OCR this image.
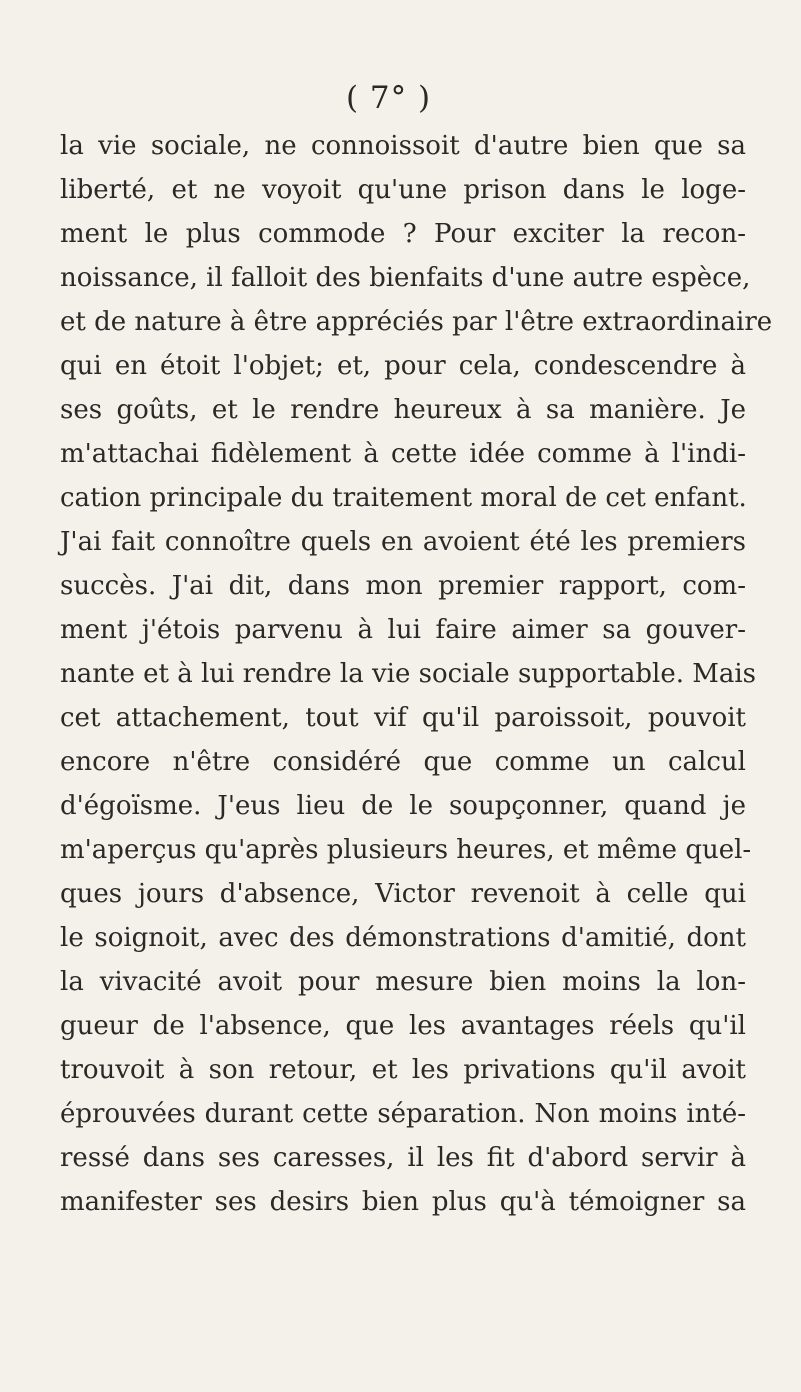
( 7° )
la vie sociale, ne connoissoit d'autre bien que sa
liberté, et ne voyoit qu'une prison dans le loge-
ment le plus commode ? Pour exciter la recon-
noissance, il falloit des bienfaits d'une autre espèce,
et de nature à être appréciés par l'être extraordinaire
qui en étoit l'objet; et, pour cela, condescendre à
ses goûts, et le rendre heureux à sa manière. Je
m'attachai fidèlement à cette idée comme à l'indi-
cation principale du traitement moral de cet enfant.
J'ai fait connoître quels en avoient été les premiers
succès. J'ai dit, dans mon premier rapport, com-
ment j'étois parvenu à lui faire aimer sa gouver-
nante et à lui rendre la vie sociale supportable. Mais
cet attachement, tout vif qu'il paroissoit, pouvoit
encore n'être considéré que comme un calcul
d'égoïsme. J'eus lieu de le soupçonner, quand je
m'aperçus qu'après plusieurs heures, et même quel-
ques jours d'absence, Victor revenoit à celle qui
le soignoit, avec des démonstrations d'amitié, dont
la vivacité avoit pour mesure bien moins la lon-
gueur de l'absence, que les avantages réels qu'il
trouvoit à son retour, et les privations qu'il avoit
éprouvées durant cette séparation. Non moins inté-
ressé dans ses caresses, il les fit d'abord servir à
manifester ses desirs bien plus qu'à témoigner sa
